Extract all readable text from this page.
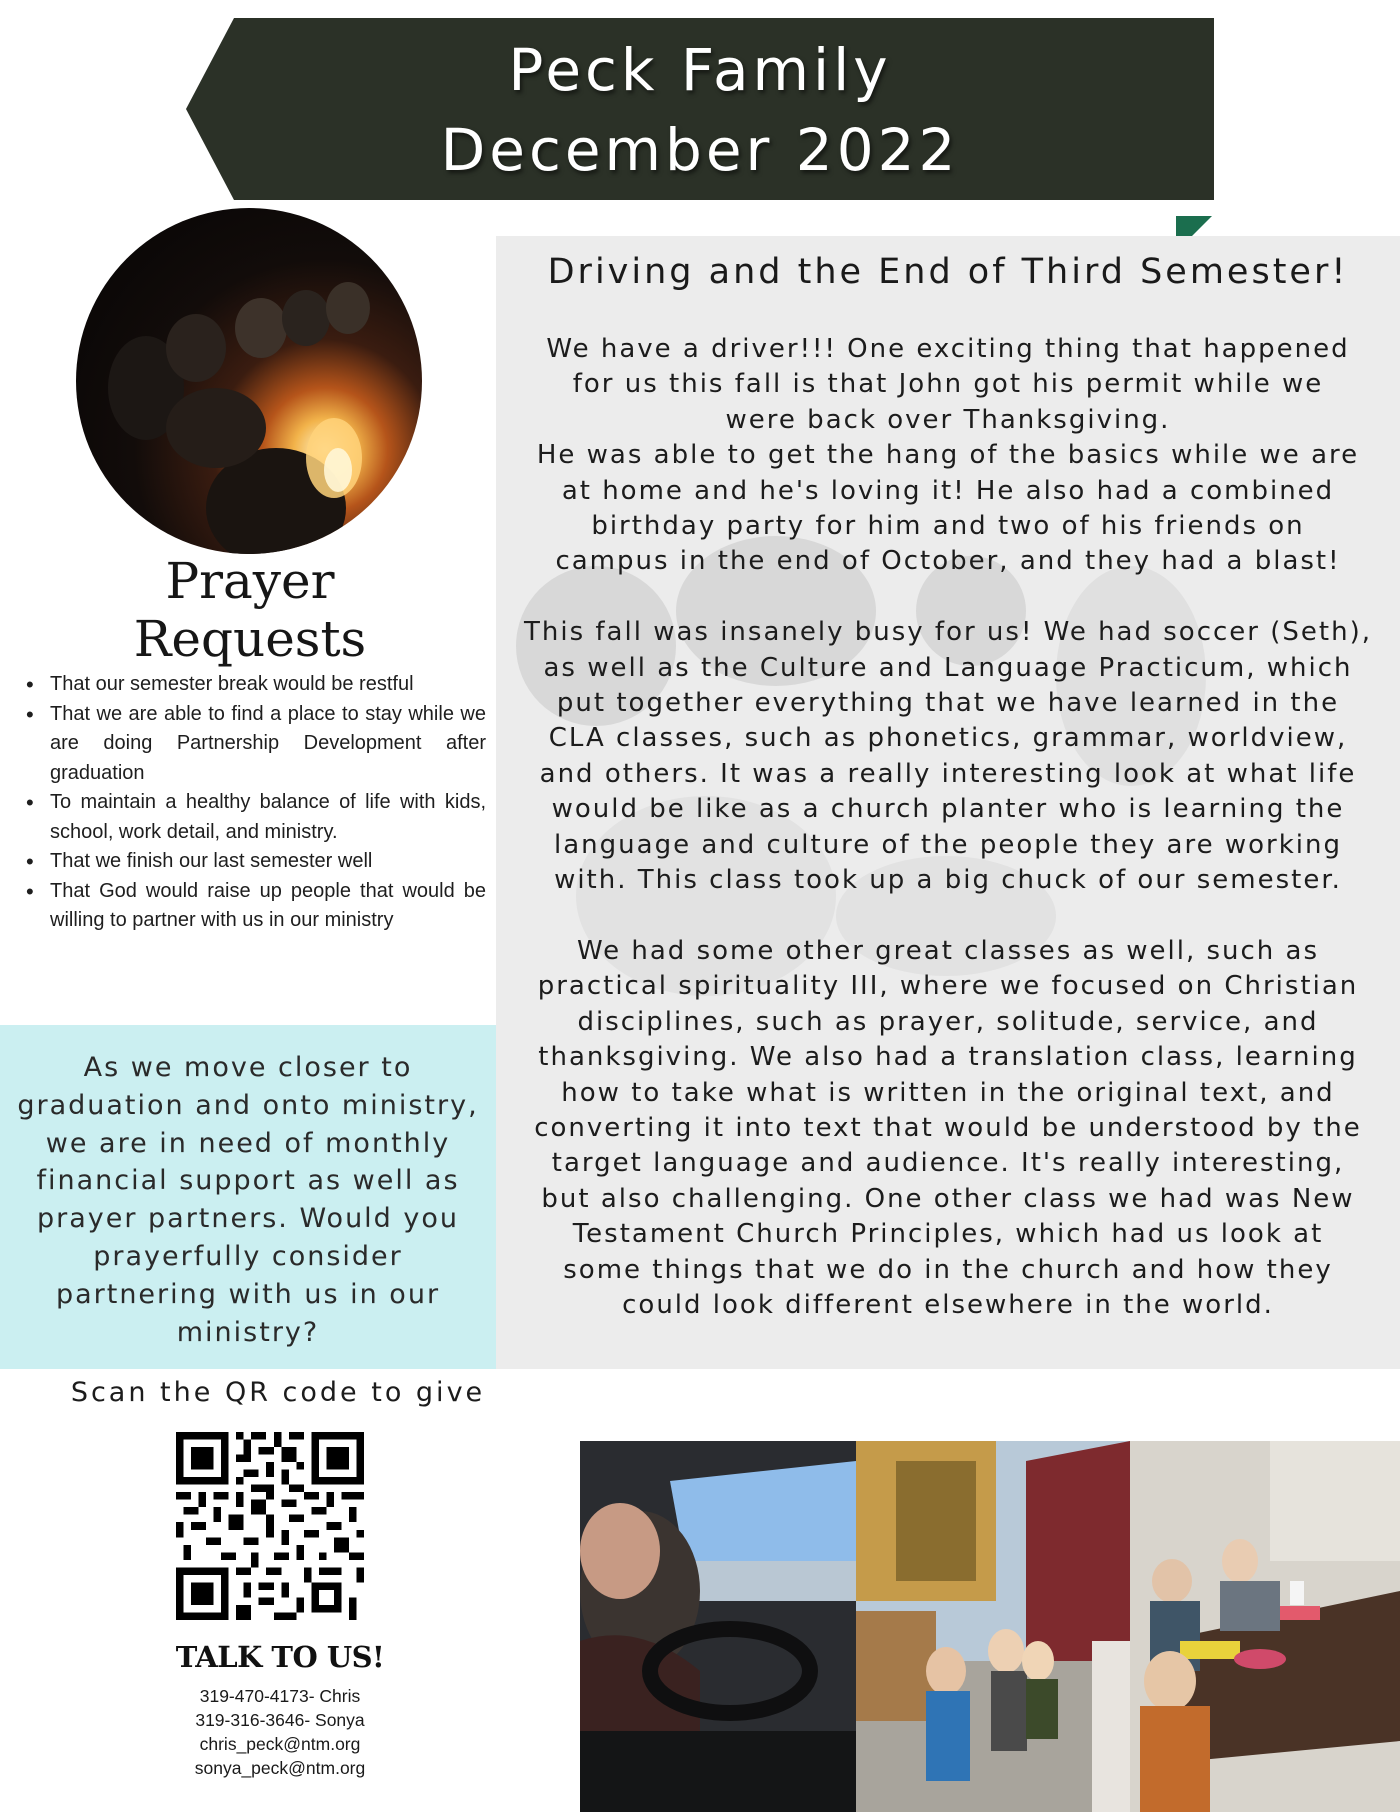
Peck Family
December 2022
Prayer
Requests
• That our semester break would be restful
• That we are able to find a place to stay while we are doing Partnership Development after graduation
• To maintain a healthy balance of life with kids, school, work detail, and ministry.
• That we finish our last semester well
• That God would raise up people that would be willing to partner with us in our ministry
As we move closer to
graduation and onto ministry,
we are in need of monthly
financial support as well as
prayer partners. Would you
prayerfully consider
partnering with us in our
ministry?
Driving and the End of Third Semester!

We have a driver!!! One exciting thing that happened
for us this fall is that John got his permit while we
were back over Thanksgiving.
He was able to get the hang of the basics while we are
at home and he's loving it! He also had a combined
birthday party for him and two of his friends on
campus in the end of October, and they had a blast!

This fall was insanely busy for us! We had soccer (Seth),
as well as the Culture and Language Practicum, which
put together everything that we have learned in the
CLA classes, such as phonetics, grammar, worldview,
and others. It was a really interesting look at what life
would be like as a church planter who is learning the
language and culture of the people they are working
with. This class took up a big chuck of our semester.

We had some other great classes as well, such as
practical spirituality III, where we focused on Christian
disciplines, such as prayer, solitude, service, and
thanksgiving. We also had a translation class, learning
how to take what is written in the original text, and
converting it into text that would be understood by the
target language and audience. It's really interesting,
but also challenging. One other class we had was New
Testament Church Principles, which had us look at
some things that we do in the church and how they
could look different elsewhere in the world.

Scan the QR code to give
TALK TO US!
319-470-4173- Chris
319-316-3646- Sonya
chris_peck@ntm.org
sonya_peck@ntm.org
